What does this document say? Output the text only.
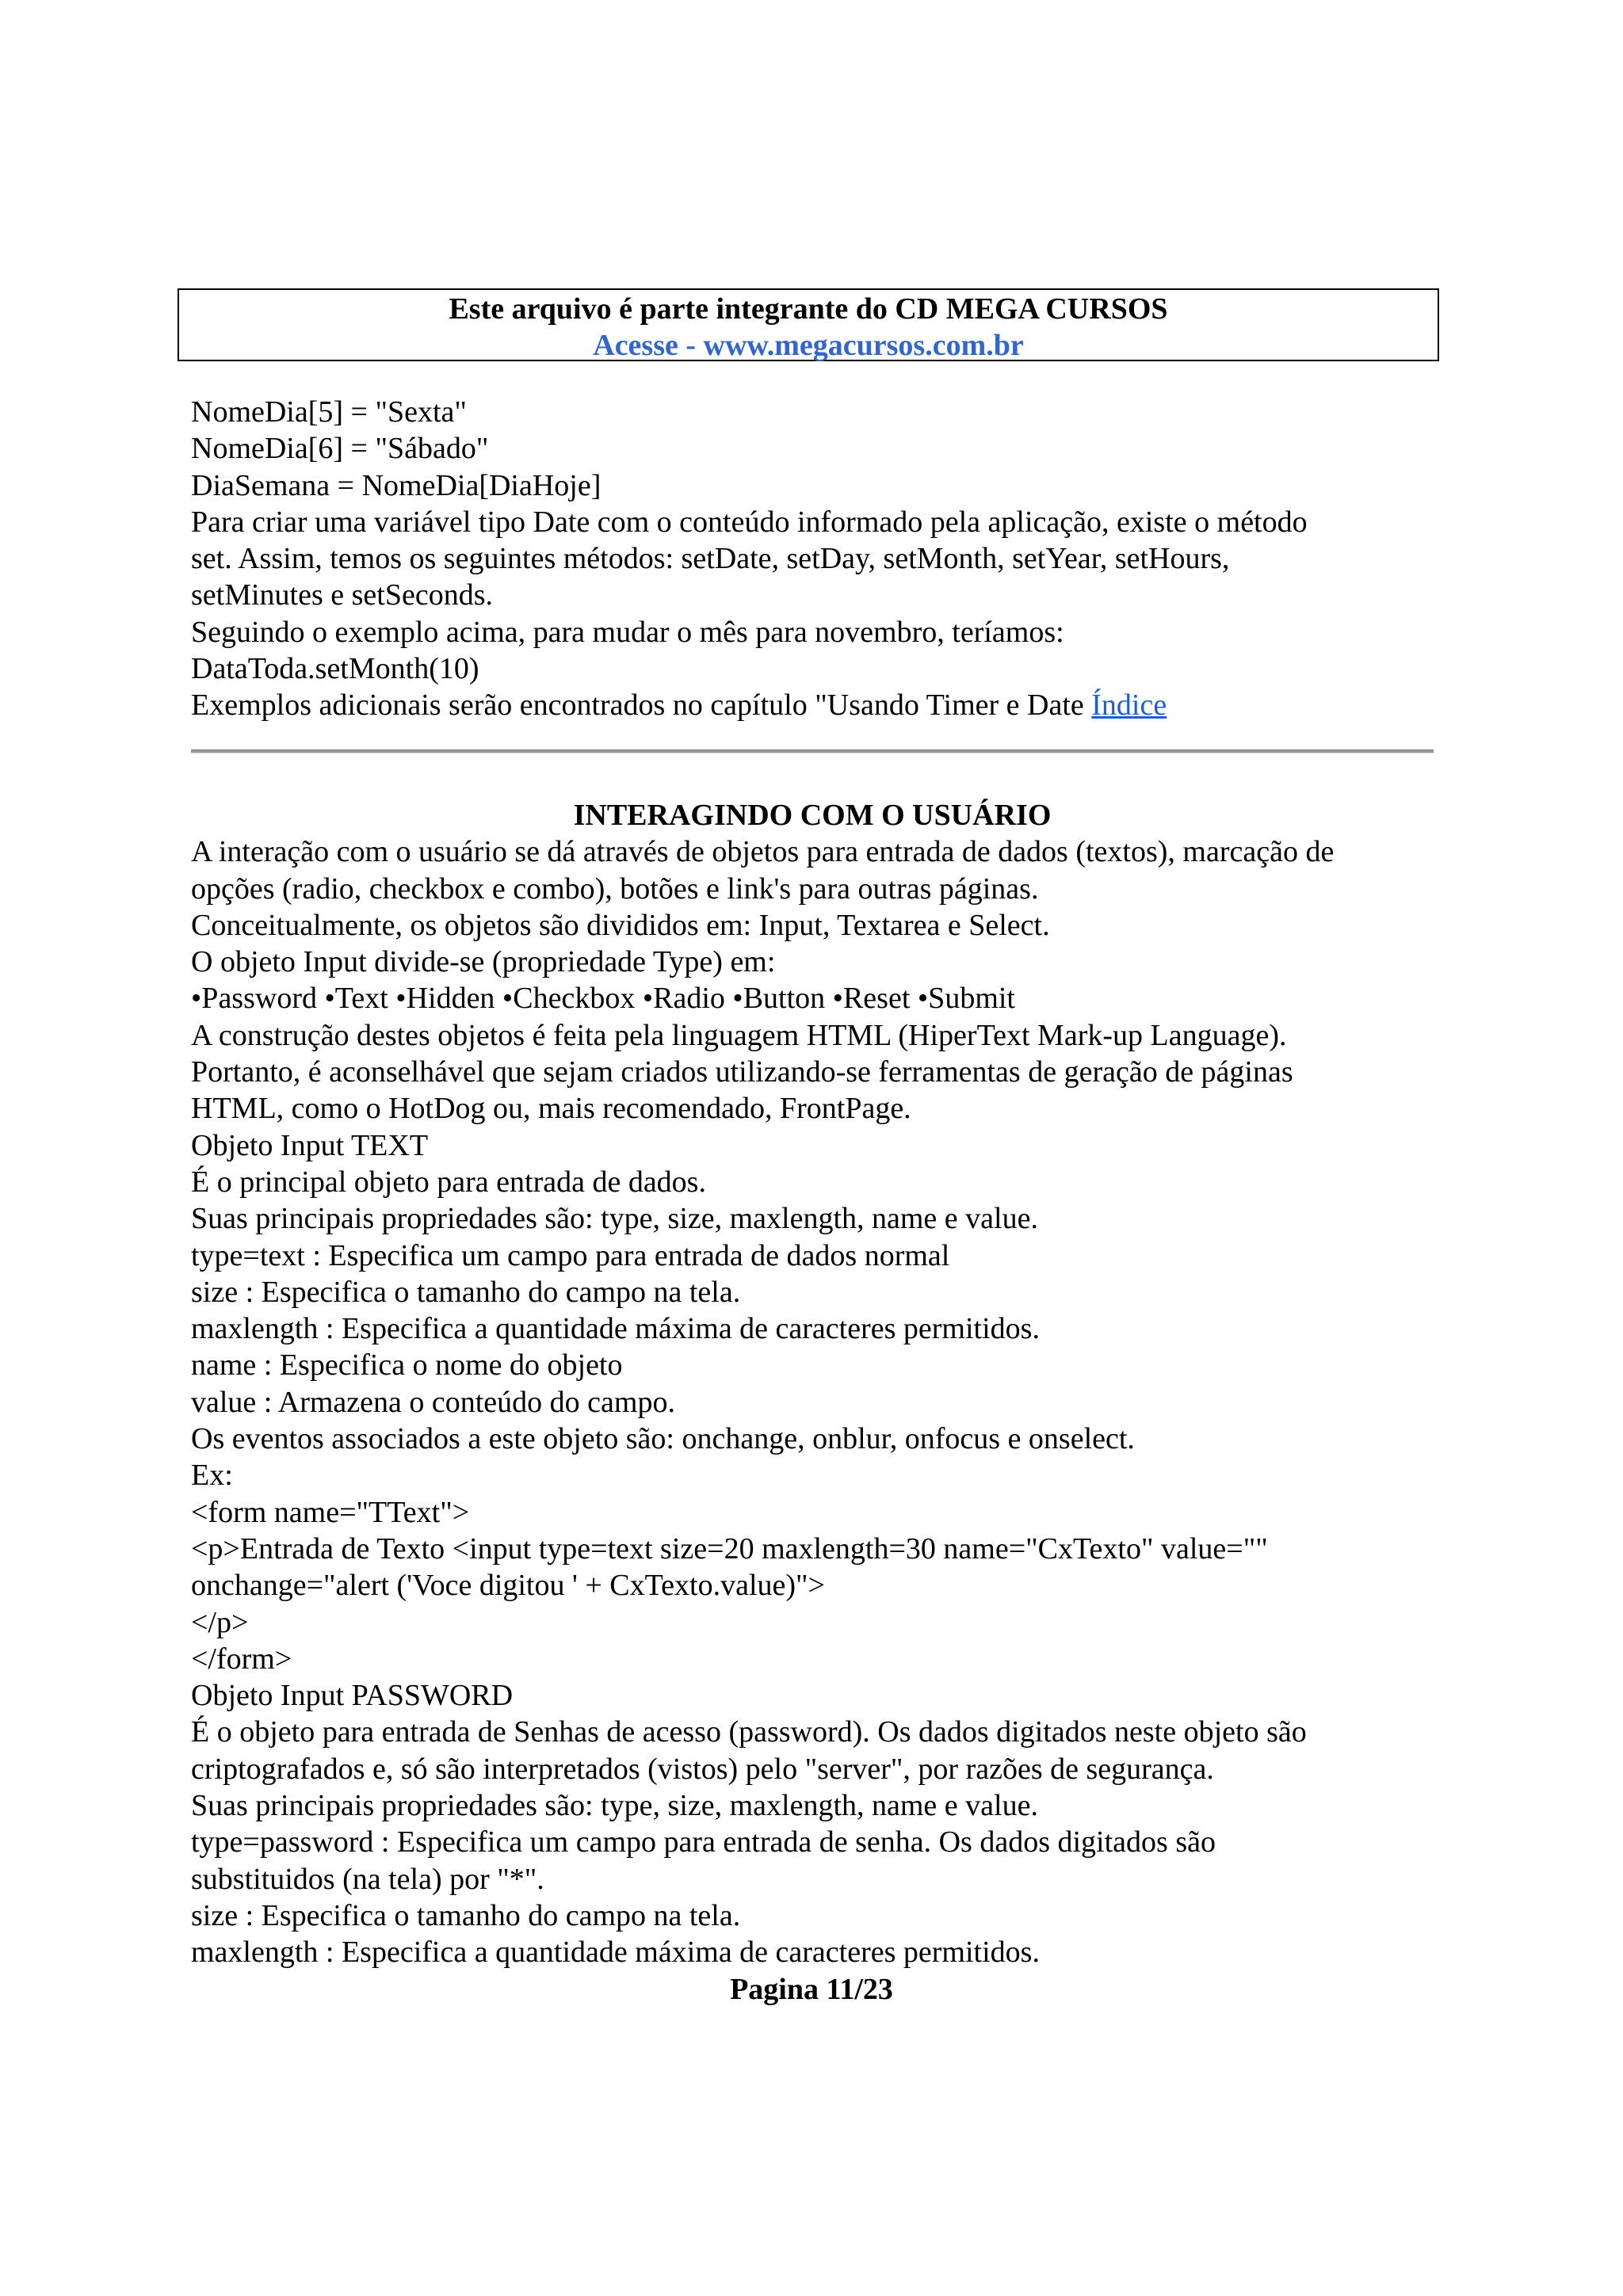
Este arquivo é parte integrante do CD MEGA CURSOS
Acesse - www.megacursos.com.br

NomeDia[5] = "Sexta"

NomeDia[6] = "Sábado"

DiaSemana = NomeDia[DiaHoje]

Para criar uma variável tipo Date com o conteúdo informado pela aplicação, existe o método

set. Assim, temos os seguintes métodos: setDate, setDay, setMonth, setYear, setHours,

setMinutes e setSeconds.

Seguindo o exemplo acima, para mudar o mês para novembro, teríamos:

DataToda.setMonth(10)

Exemplos adicionais serão encontrados no capítulo "Usando Timer e Date Índice

INTERAGINDO COM O USUÁRIO

A interação com o usuário se dá através de objetos para entrada de dados (textos), marcação de

opções (radio, checkbox e combo), botões e link's para outras páginas.

Conceitualmente, os objetos são divididos em: Input, Textarea e Select.

O objeto Input divide-se (propriedade Type) em:

•Password •Text •Hidden •Checkbox •Radio •Button •Reset •Submit

A construção destes objetos é feita pela linguagem HTML (HiperText Mark-up Language).

Portanto, é aconselhável que sejam criados utilizando-se ferramentas de geração de páginas

HTML, como o HotDog ou, mais recomendado, FrontPage.

Objeto Input TEXT

É o principal objeto para entrada de dados.

Suas principais propriedades são: type, size, maxlength, name e value.

type=text : Especifica um campo para entrada de dados normal

size : Especifica o tamanho do campo na tela.

maxlength : Especifica a quantidade máxima de caracteres permitidos.

name : Especifica o nome do objeto

value : Armazena o conteúdo do campo.

Os eventos associados a este objeto são: onchange, onblur, onfocus e onselect.

Ex:

<form name="TText">

<p>Entrada de Texto <input type=text size=20 maxlength=30 name="CxTexto" value=""

onchange="alert ('Voce digitou ' + CxTexto.value)">

</p>

</form>

Objeto Input PASSWORD

É o objeto para entrada de Senhas de acesso (password). Os dados digitados neste objeto são

criptografados e, só são interpretados (vistos) pelo "server", por razões de segurança.

Suas principais propriedades são: type, size, maxlength, name e value.

type=password : Especifica um campo para entrada de senha. Os dados digitados são

substituidos (na tela) por "*".

size : Especifica o tamanho do campo na tela.

maxlength : Especifica a quantidade máxima de caracteres permitidos.

Pagina 11/23
